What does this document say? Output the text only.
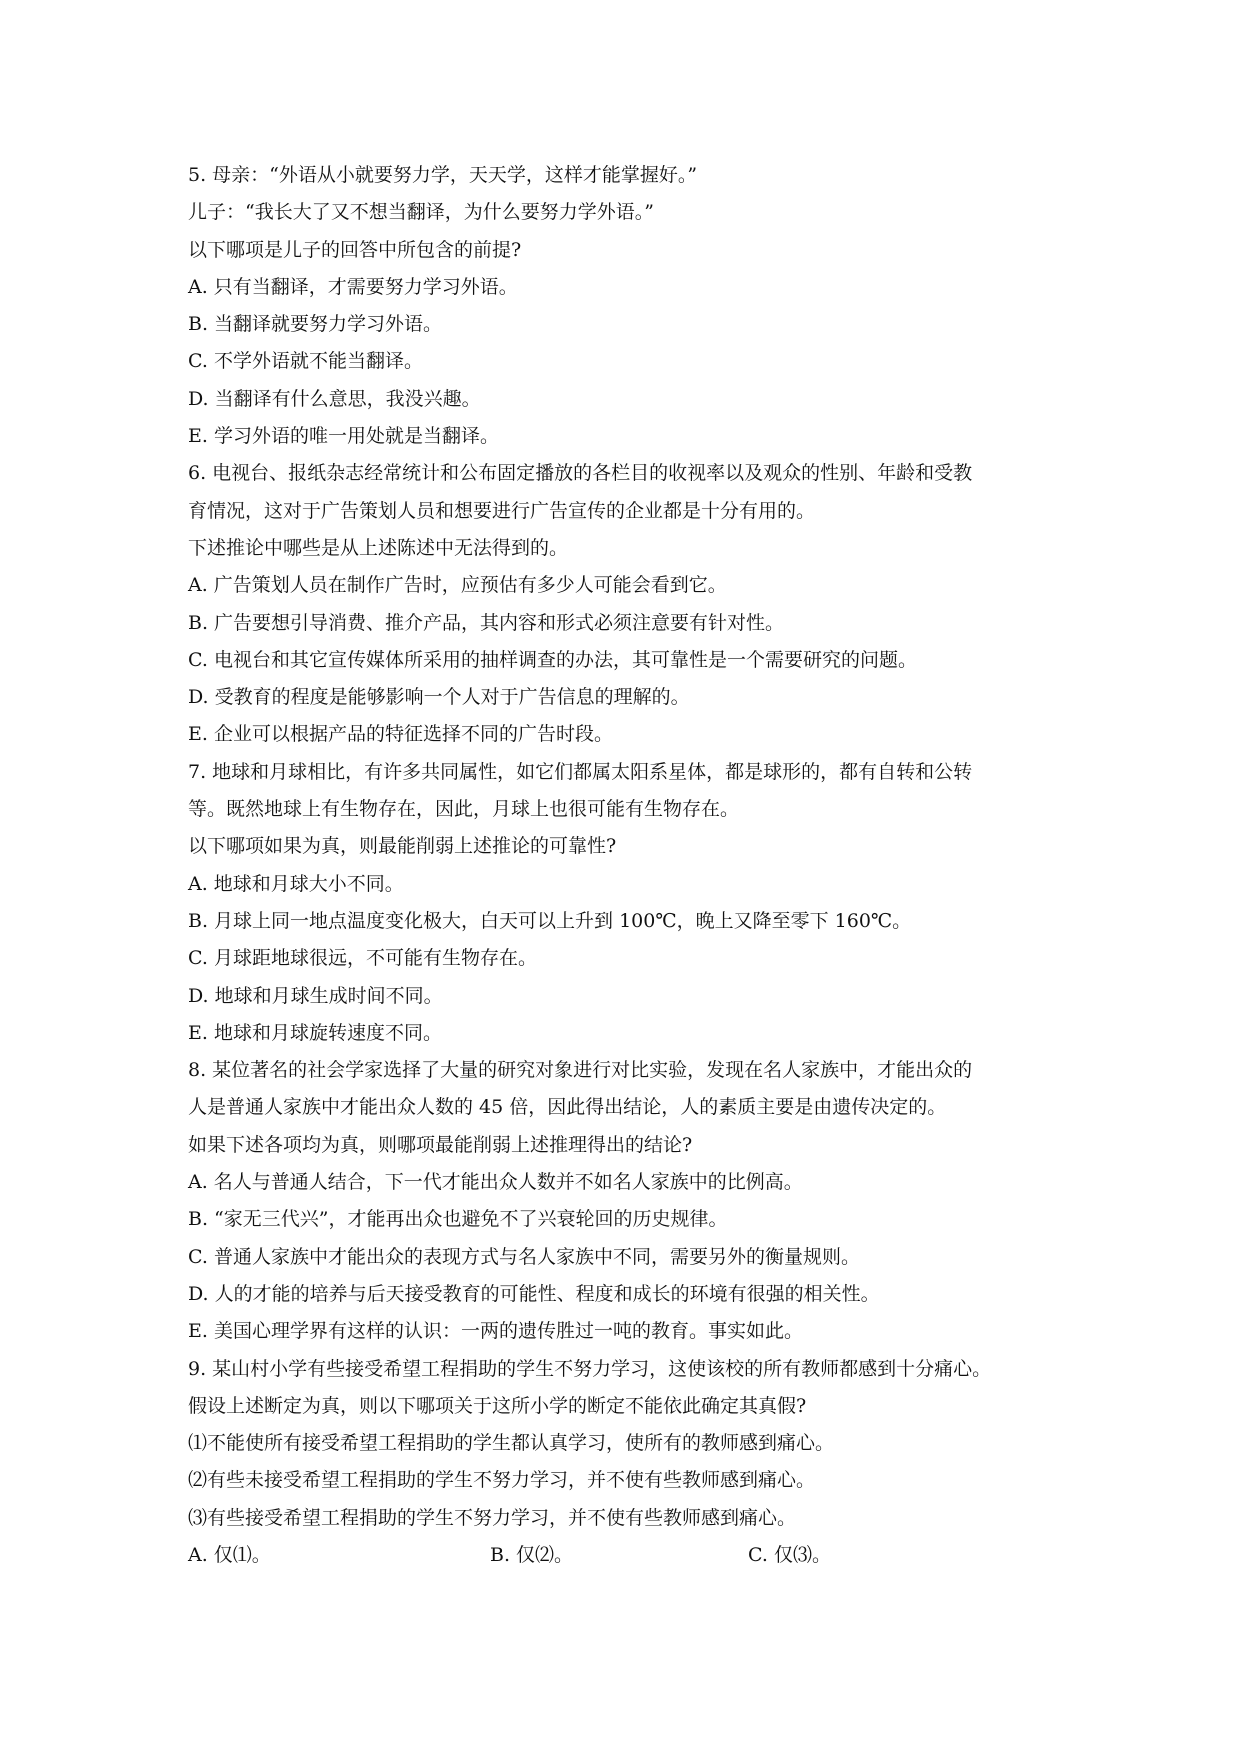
5. 母亲：“外语从小就要努力学，天天学，这样才能掌握好。”
儿子：“我长大了又不想当翻译，为什么要努力学外语。”
以下哪项是儿子的回答中所包含的前提?
A. 只有当翻译，才需要努力学习外语。
B. 当翻译就要努力学习外语。
C. 不学外语就不能当翻译。
D. 当翻译有什么意思，我没兴趣。
E. 学习外语的唯一用处就是当翻译。
6. 电视台、报纸杂志经常统计和公布固定播放的各栏目的收视率以及观众的性别、年龄和受教
育情况，这对于广告策划人员和想要进行广告宣传的企业都是十分有用的。
下述推论中哪些是从上述陈述中无法得到的。
A. 广告策划人员在制作广告时，应预估有多少人可能会看到它。
B. 广告要想引导消费、推介产品，其内容和形式必须注意要有针对性。
C. 电视台和其它宣传媒体所采用的抽样调查的办法，其可靠性是一个需要研究的问题。
D. 受教育的程度是能够影响一个人对于广告信息的理解的。
E. 企业可以根据产品的特征选择不同的广告时段。
7. 地球和月球相比，有许多共同属性，如它们都属太阳系星体，都是球形的，都有自转和公转
等。既然地球上有生物存在，因此，月球上也很可能有生物存在。
以下哪项如果为真，则最能削弱上述推论的可靠性?
A. 地球和月球大小不同。
B. 月球上同一地点温度变化极大，白天可以上升到 100℃，晚上又降至零下 160℃。
C. 月球距地球很远，不可能有生物存在。
D. 地球和月球生成时间不同。
E. 地球和月球旋转速度不同。
8. 某位著名的社会学家选择了大量的研究对象进行对比实验，发现在名人家族中，才能出众的
人是普通人家族中才能出众人数的 45 倍，因此得出结论，人的素质主要是由遗传决定的。
如果下述各项均为真，则哪项最能削弱上述推理得出的结论?
A. 名人与普通人结合，下一代才能出众人数并不如名人家族中的比例高。
B. “家无三代兴”，才能再出众也避免不了兴衰轮回的历史规律。
C. 普通人家族中才能出众的表现方式与名人家族中不同，需要另外的衡量规则。
D. 人的才能的培养与后天接受教育的可能性、程度和成长的环境有很强的相关性。
E. 美国心理学界有这样的认识：一两的遗传胜过一吨的教育。事实如此。
9. 某山村小学有些接受希望工程捐助的学生不努力学习，这使该校的所有教师都感到十分痛心。
假设上述断定为真，则以下哪项关于这所小学的断定不能依此确定其真假?
⑴不能使所有接受希望工程捐助的学生都认真学习，使所有的教师感到痛心。
⑵有些未接受希望工程捐助的学生不努力学习，并不使有些教师感到痛心。
⑶有些接受希望工程捐助的学生不努力学习，并不使有些教师感到痛心。
A. 仅⑴。	B. 仅⑵。	C. 仅⑶。
